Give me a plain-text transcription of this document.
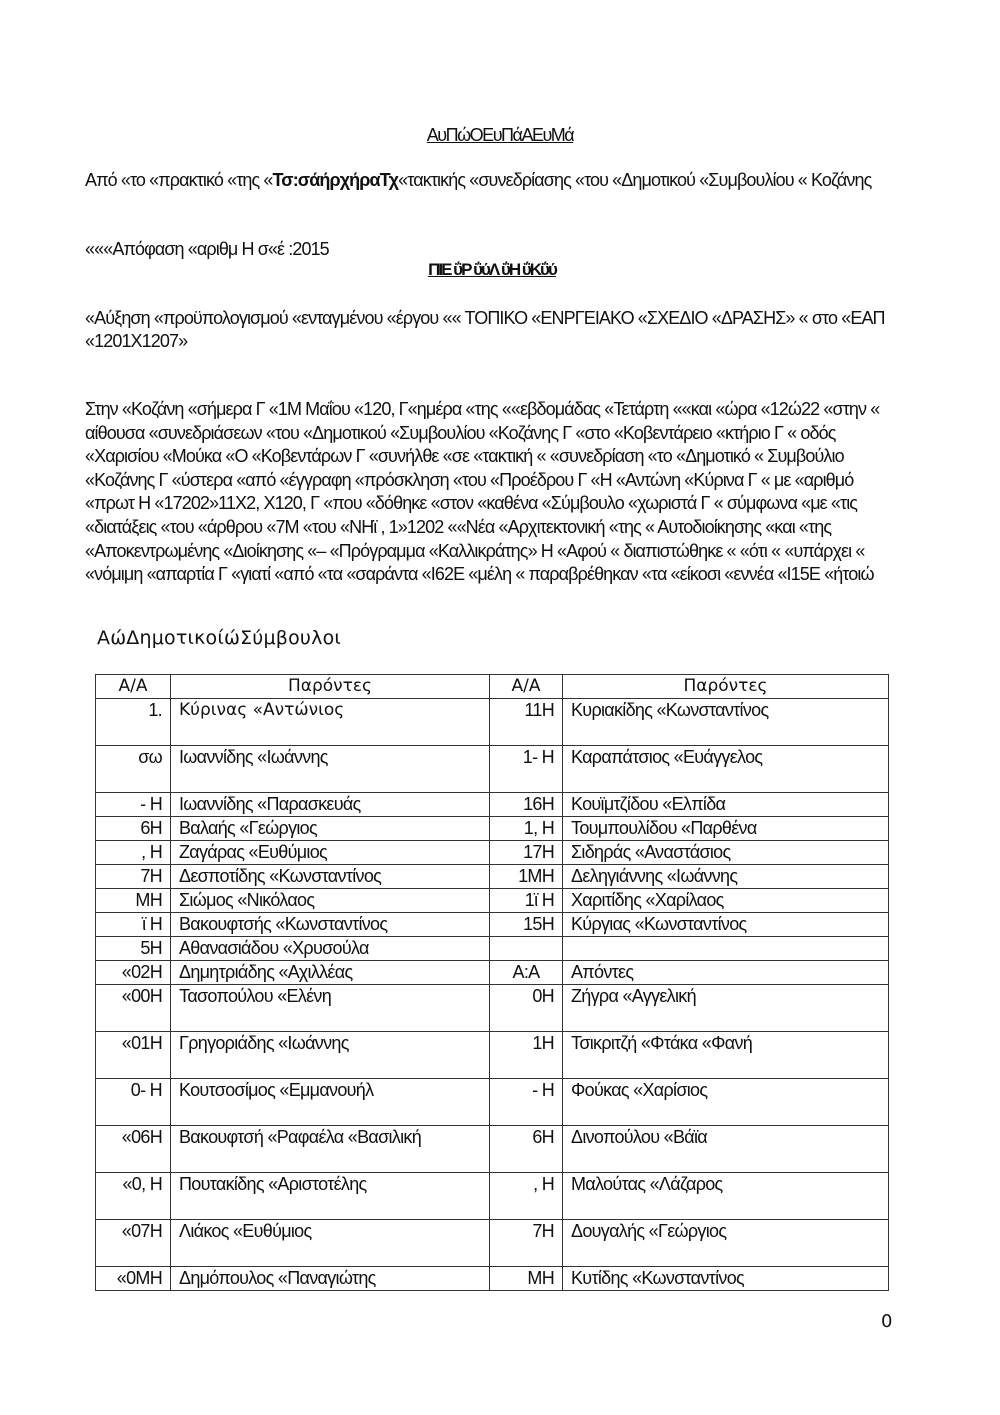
ΑυΠώΟΕυΠάΑΕυΜά
Από «το «πρακτικό «της «Τσ:σάήρχήραΤχ«τακτικής «συνεδρίασης «του «Δημοτικού «Συμβουλίου « Κοζάνης
«««Απόφαση «αριθμ Η σ«έ :2015
ΠΙΕ ΰΡ ΰύΛ ΰΗ ΰΚΰύ
«Αύξηση «προϋπολογισμού «ενταγμένου «έργου «« ΤΟΠΙΚΟ «ΕΝΡΓΕΙΑΚΟ «ΣΧΕΔΙΟ «ΔΡΑΣΗΣ» « στο «ΕΑΠ «1201Χ1207»
Στην «Κοζάνη «σήμερα Γ «1Μ Μαΐου «120, Γ«ημέρα «της ««εβδομάδας «Τετάρτη ««και «ώρα «12ώ22 «στην « αίθουσα «συνεδριάσεων «του «Δημοτικού «Συμβουλίου «Κοζάνης Γ «στο «Κοβεντάρειο «κτήριο Γ « οδός «Χαρισίου «Μούκα «Ο «Κοβεντάρων Γ «συνήλθε «σε «τακτική « «συνεδρίαση «το «Δημοτικό « Συμβούλιο «Κοζάνης Γ «ύστερα «από «έγγραφη «πρόσκληση «του «Προέδρου Γ «Η «Αντώνη «Κύρινα Γ « με «αριθμό «πρωτ Η «17202»11Χ2, Χ120, Γ «που «δόθηκε «στον «καθένα «Σύμβουλο «χωριστά Γ « σύμφωνα «με «τις «διατάξεις «του «άρθρου «7Μ «του «ΝΗϊ , 1»1202 ««Νέα «Αρχιτεκτονική «της « Αυτοδιοίκησης «και «της «Αποκεντρωμένης «Διοίκησης «– «Πρόγραμμα «Καλλικράτης» Η «Αφού « διαπιστώθηκε « «ότι « «υπάρχει « «νόμιμη «απαρτία Γ «γιατί «από «τα «σαράντα «I62Ε «μέλη « παραβρέθηκαν «τα «είκοσι «εννέα «I15Ε «ήτοιώ
ΑώΔημοτικοίώΣύμβουλοι
Α/Α	Παρόντες	Α/Α	Παρόντες
1.	Κύρινας «Αντώνιος	11Η	Κυριακίδης «Κωνσταντίνος
σω	Ιωαννίδης «Ιωάννης	1- Η	Καραπάτσιος «Ευάγγελος
- Η	Ιωαννίδης «Παρασκευάς	16Η	Κουϊμτζίδου «Ελπίδα
6Η	Βαλαής «Γεώργιος	1, Η	Τουμπουλίδου «Παρθένα
, Η	Ζαγάρας «Ευθύμιος	17Η	Σιδηράς «Αναστάσιος
7Η	Δεσποτίδης «Κωνσταντίνος	1ΜΗ	Δεληγιάννης «Ιωάννης
ΜΗ	Σιώμος «Νικόλαος	1ϊ Η	Χαριτίδης «Χαρίλαος
ϊ Η	Βακουφτσής «Κωνσταντίνος	15Η	Κύργιας «Κωνσταντίνος
5Η	Αθανασιάδου «Χρυσούλα		
«02Η	Δημητριάδης «Αχιλλέας	Α:Α	Απόντες
«00Η	Τασοπούλου «Ελένη	0Η	Ζήγρα «Αγγελική
«01Η	Γρηγοριάδης «Ιωάννης	1Η	Τσικριτζή «Φτάκα «Φανή
0- Η	Κουτσοσίμος «Εμμανουήλ	- Η	Φούκας «Χαρίσιος
«06Η	Βακουφτσή «Ραφαέλα «Βασιλική	6Η	Δινοπούλου «Βάϊα
«0, Η	Πουτακίδης «Αριστοτέλης	, Η	Μαλούτας «Λάζαρος
«07Η	Λιάκος «Ευθύμιος	7Η	Δουγαλής «Γεώργιος
«0ΜΗ	Δημόπουλος «Παναγιώτης	ΜΗ	Κυτίδης «Κωνσταντίνος
0
